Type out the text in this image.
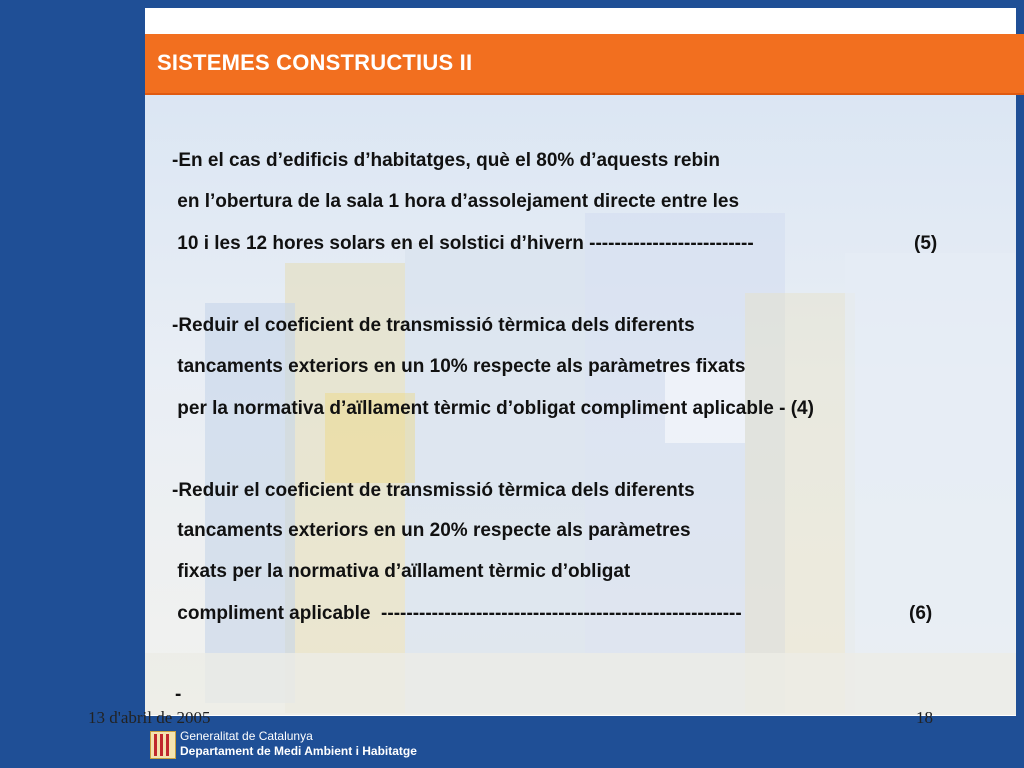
SISTEMES CONSTRUCTIUS II
-En el cas d’edificis d’habitatges, què el 80% d’aquests rebin
en l’obertura de la sala 1 hora d’assolejament directe entre les
10 i les 12 hores solars en el solstici d’hivern --------------------------	(5)
-Reduir el coeficient de transmissió tèrmica dels diferents
tancaments exteriors en un 10% respecte als paràmetres fixats
per la normativa d’aïllament tèrmic d’obligat compliment aplicable - (4)
-Reduir el coeficient de transmissió tèrmica dels diferents
tancaments exteriors en un 20% respecte als paràmetres
fixats per la normativa d’aïllament tèrmic d’obligat
compliment aplicable  ---------------------------------------------------------	(6)
-
13 d'abril de 2005	18
Generalitat de Catalunya
Departament de Medi Ambient i Habitatge
